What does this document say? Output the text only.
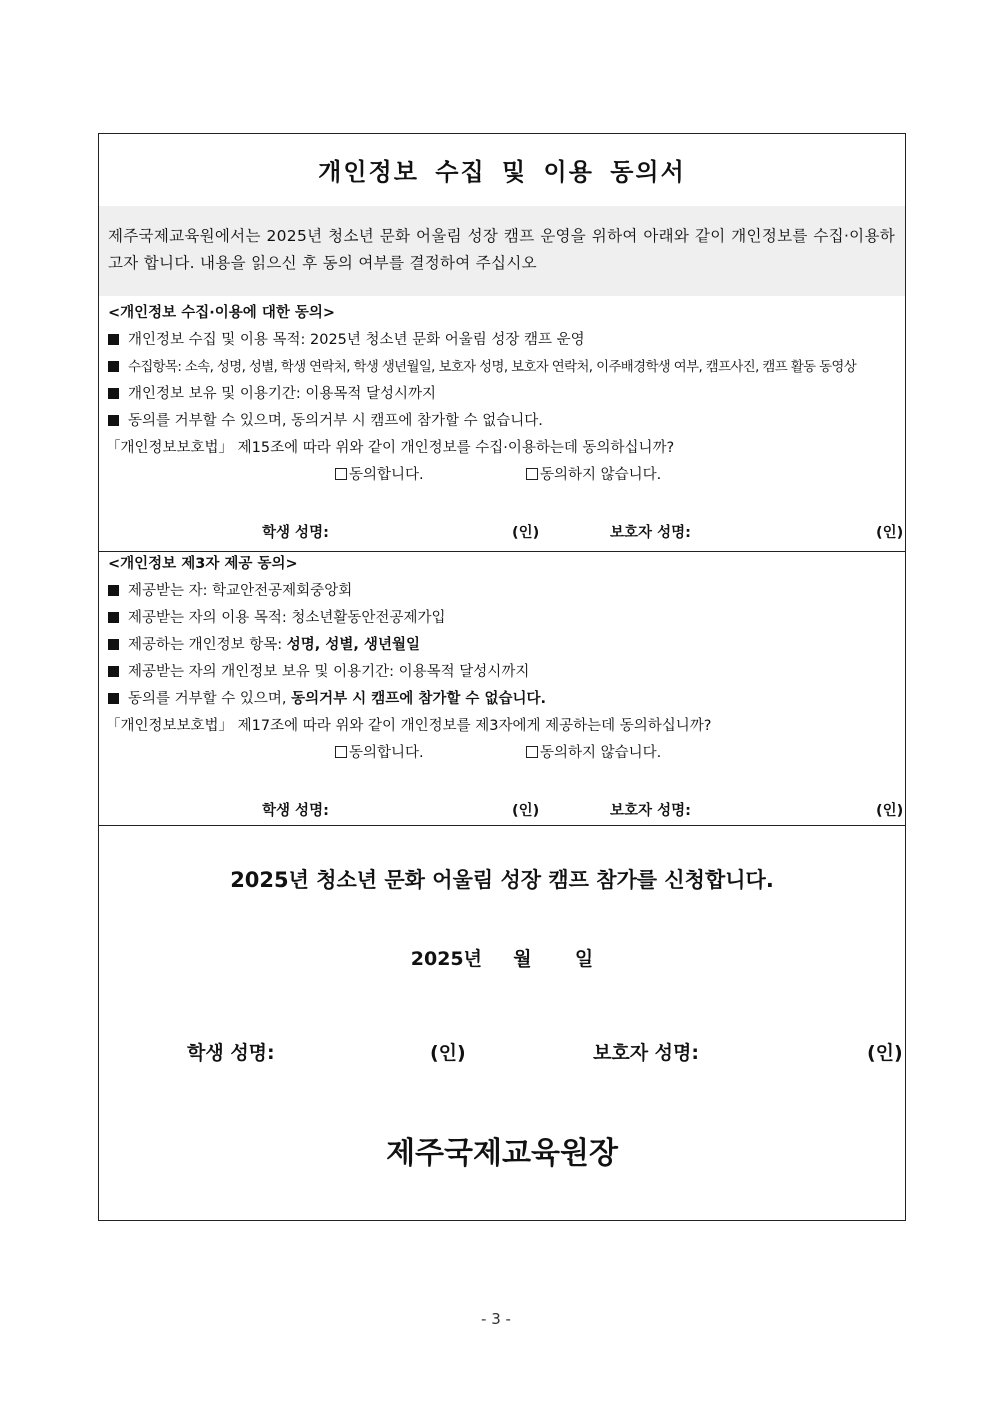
개인정보 수집 및 이용 동의서
제주국제교육원에서는 2025년 청소년 문화 어울림 성장 캠프 운영을 위하여 아래와 같이 개인정보를 수집·이용하고자 합니다. 내용을 읽으신 후 동의 여부를 결정하여 주십시오
<개인정보 수집·이용에 대한 동의>
개인정보 수집 및 이용 목적: 2025년 청소년 문화 어울림 성장 캠프 운영
수집항목: 소속, 성명, 성별, 학생 연락처, 학생 생년월일, 보호자 성명, 보호자 연락처, 이주배경학생 여부, 캠프사진, 캠프 활동 동영상
개인정보 보유 및 이용기간: 이용목적 달성시까지
동의를 거부할 수 있으며, 동의거부 시 캠프에 참가할 수 없습니다.
「개인정보보호법」 제15조에 따라 위와 같이 개인정보를 수집·이용하는데 동의하십니까?
동의합니다.	동의하지 않습니다.
학생 성명:	(인)	보호자 성명:	(인)
<개인정보 제3자 제공 동의>
제공받는 자: 학교안전공제회중앙회
제공받는 자의 이용 목적: 청소년활동안전공제가입
제공하는 개인정보 항목: 성명, 성별, 생년월일
제공받는 자의 개인정보 보유 및 이용기간: 이용목적 달성시까지
동의를 거부할 수 있으며, 동의거부 시 캠프에 참가할 수 없습니다.
「개인정보보호법」 제17조에 따라 위와 같이 개인정보를 제3자에게 제공하는데 동의하십니까?
동의합니다.	동의하지 않습니다.
학생 성명:	(인)	보호자 성명:	(인)
2025년 청소년 문화 어울림 성장 캠프 참가를 신청합니다.
2025년 월 일
학생 성명:	(인)	보호자 성명:	(인)
제주국제교육원장
- 3 -
